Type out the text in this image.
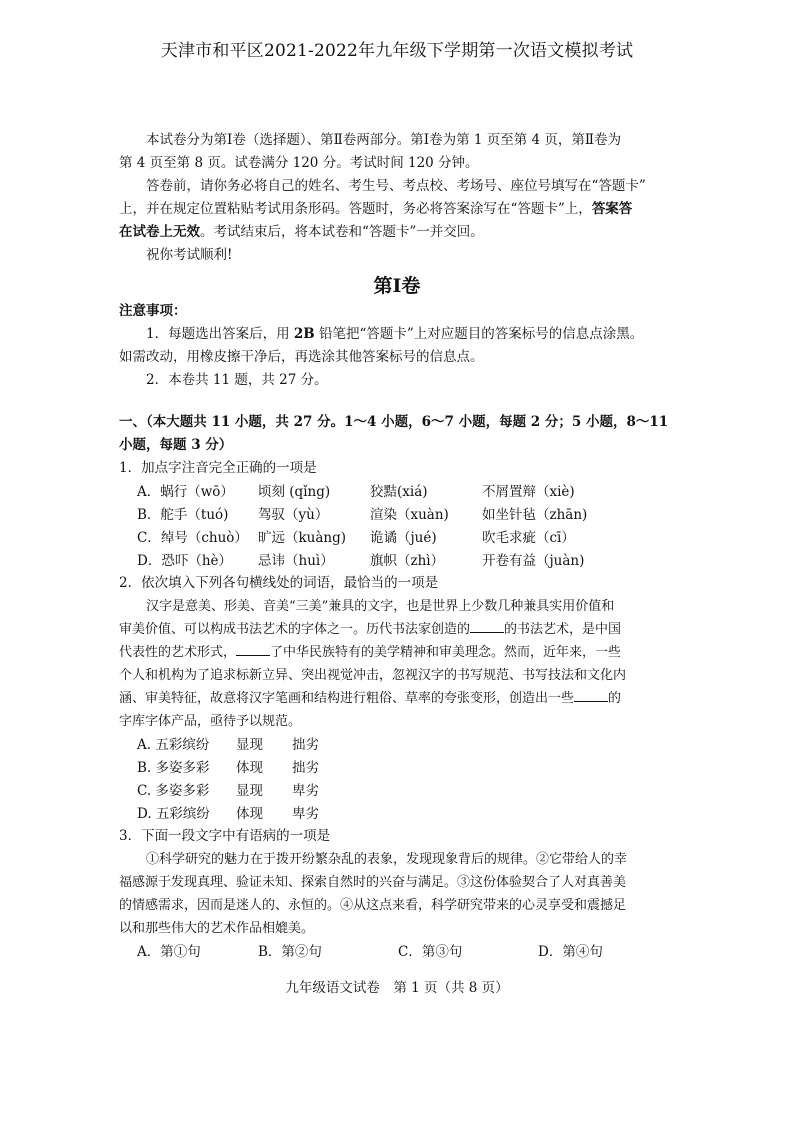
天津市和平区2021-2022年九年级下学期第一次语文模拟考试
本试卷分为第Ⅰ卷（选择题）、第Ⅱ卷两部分。第Ⅰ卷为第 1 页至第 4 页，第Ⅱ卷为
第 4 页至第 8 页。试卷满分 120 分。考试时间 120 分钟。
答卷前，请你务必将自己的姓名、考生号、考点校、考场号、座位号填写在“答题卡”
上，并在规定位置粘贴考试用条形码。答题时，务必将答案涂写在“答题卡”上，答案答
在试卷上无效。考试结束后，将本试卷和“答题卡”一并交回。
祝你考试顺利!
第Ⅰ卷
注意事项：
1．每题选出答案后，用 2B 铅笔把“答题卡”上对应题目的答案标号的信息点涂黑。
如需改动，用橡皮擦干净后，再选涂其他答案标号的信息点。
2．本卷共 11 题，共 27 分。
一、（本大题共 11 小题，共 27 分。1～4 小题，6～7 小题，每题 2 分；5 小题，8～11
小题，每题 3 分）
1．加点字注音完全正确的一项是
A．蜗行（wō） 顷刻 (qǐng)	狡黠(xiá)	不屑置辩（xiè)
B．舵手（tuó) 驾驭（yù）	渲染（xuàn) 如坐针毡（zhān)
C．绰号（chuò） 旷远（kuàng) 诡谲（jué)	吹毛求疵（cī）
D．恐吓（hè） 忌讳（huì）	旗帜（zhì）	开卷有益（juàn)
2．依次填入下列各句横线处的词语，最恰当的一项是
汉字是意美、形美、音美“三美”兼具的文字，也是世界上少数几种兼具实用价值和
审美价值、可以构成书法艺术的字体之一。历代书法家创造的	的书法艺术，是中国
代表性的艺术形式，	了中华民族特有的美学精神和审美理念。然而，近年来，一些
个人和机构为了追求标新立异、突出视觉冲击，忽视汉字的书写规范、书写技法和文化内
涵、审美特征，故意将汉字笔画和结构进行粗俗、草率的夸张变形，创造出一些	的
字库字体产品，亟待予以规范。
A. 五彩缤纷 显现 拙劣
B. 多姿多彩 体现 拙劣
C. 多姿多彩 显现 卑劣
D. 五彩缤纷 体现 卑劣
3．下面一段文字中有语病的一项是
①科学研究的魅力在于拨开纷繁杂乱的表象，发现现象背后的规律。②它带给人的幸
福感源于发现真理、验证未知、探索自然时的兴奋与满足。③这份体验契合了人对真善美
的情感需求，因而是迷人的、永恒的。④从这点来看，科学研究带来的心灵享受和震撼足
以和那些伟大的艺术作品相媲美。
A．第①句	B．第②句	C．第③句	D．第④句
九年级语文试卷　第 1 页（共 8 页）
